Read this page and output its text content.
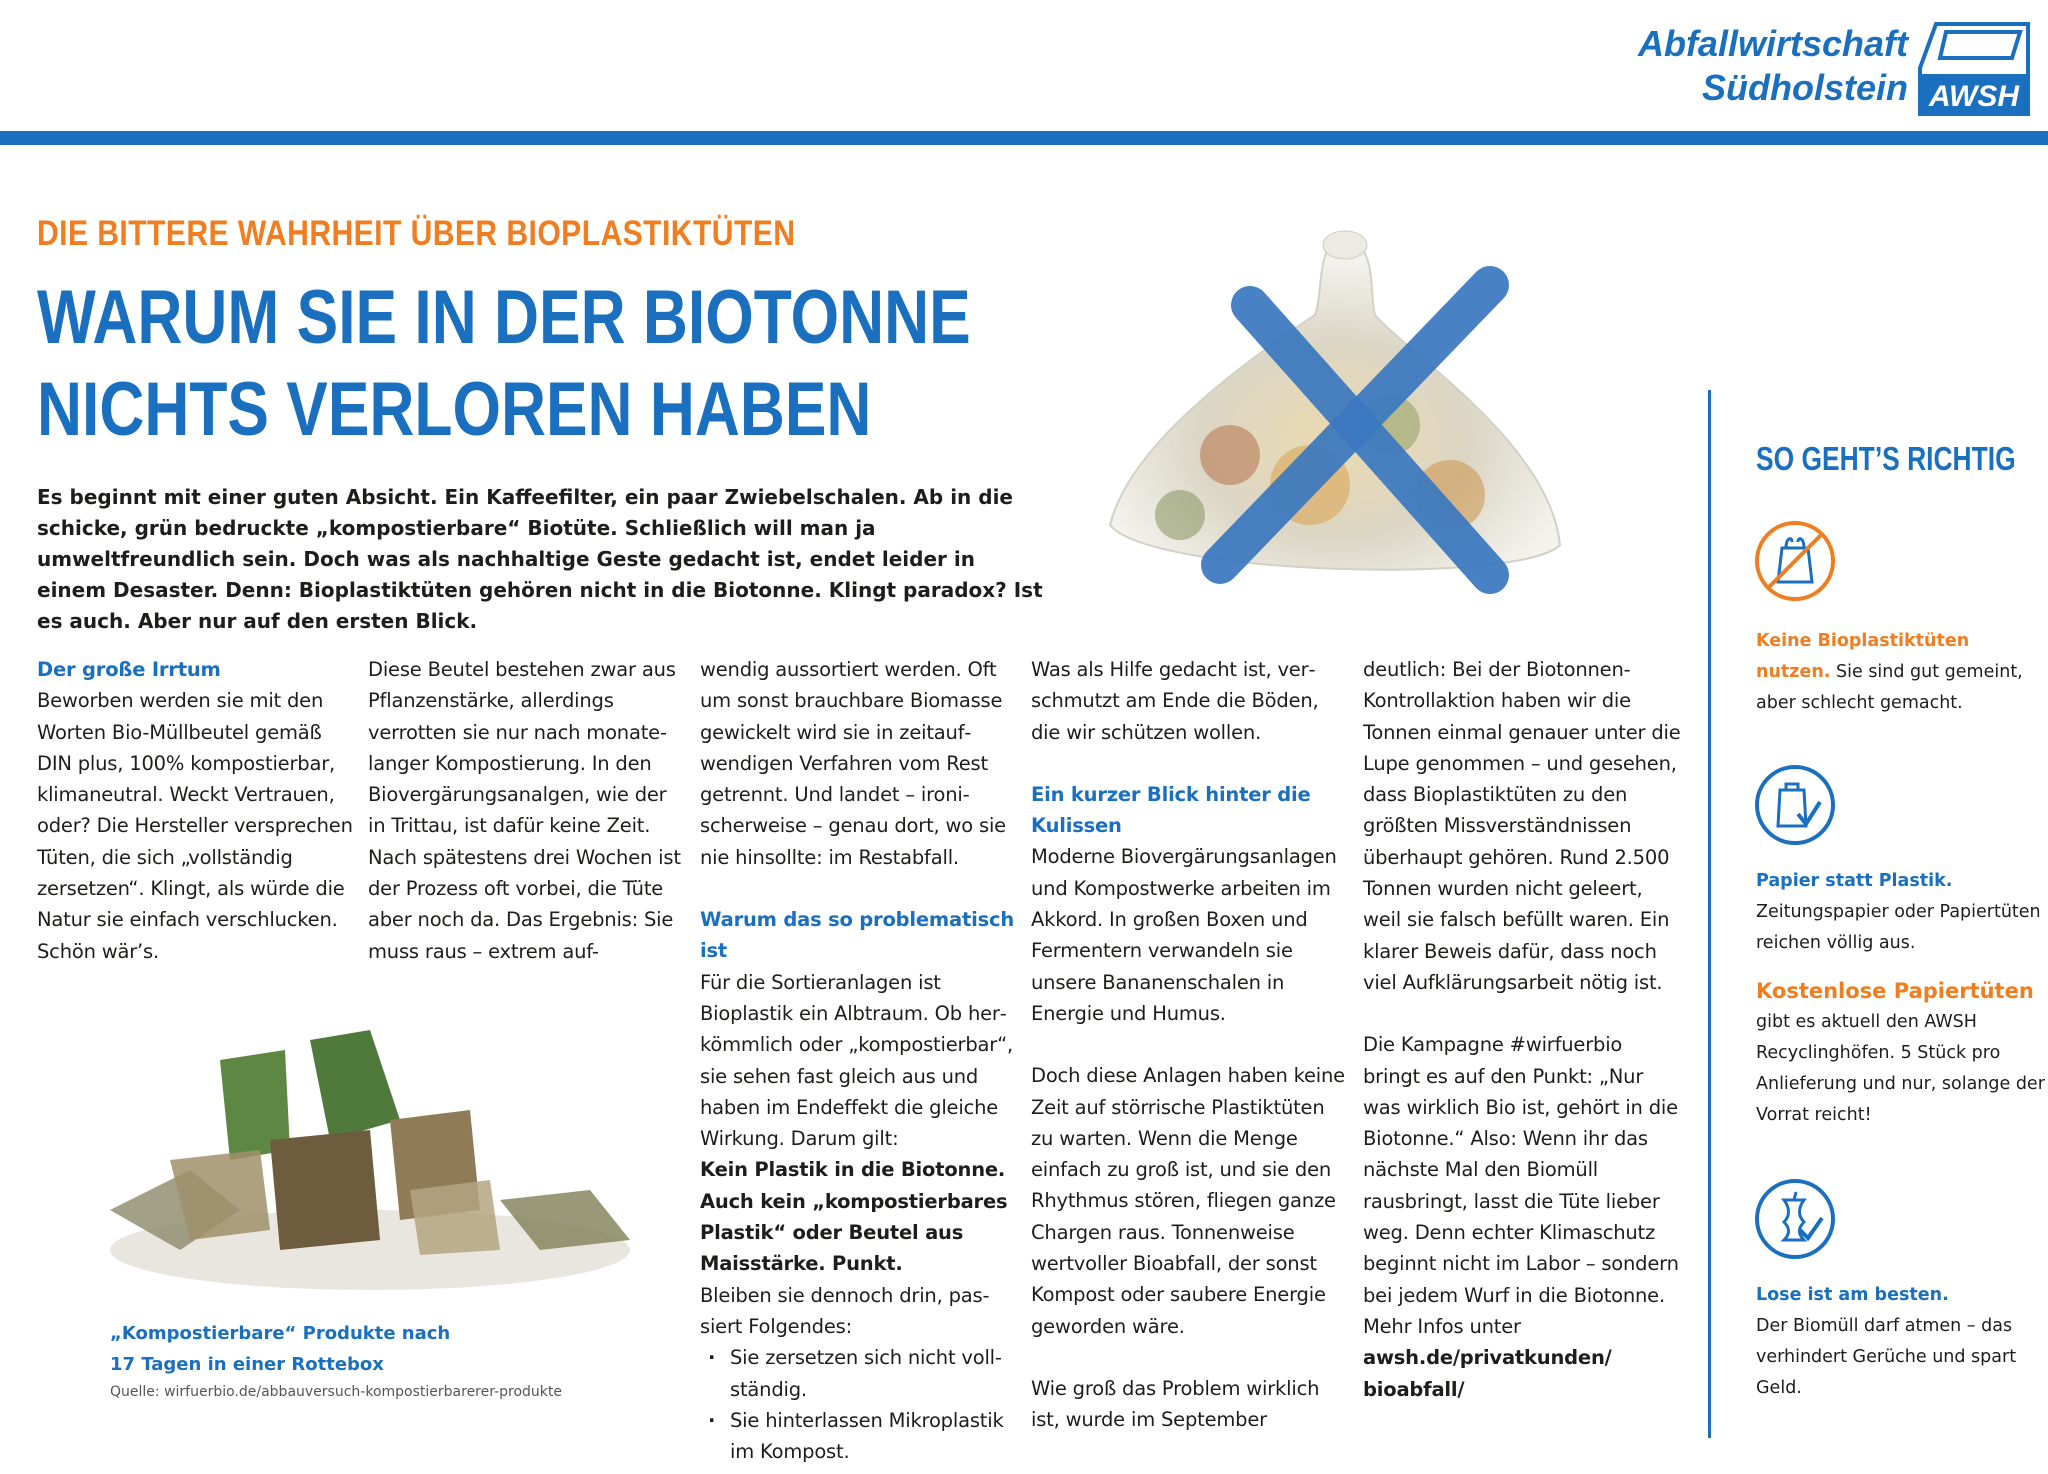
Abfallwirtschaft
Südholstein AWSH
DIE BITTERE WAHRHEIT ÜBER BIOPLASTIKTÜTEN
WARUM SIE IN DER BIOTONNE
NICHTS VERLOREN HABEN
Es beginnt mit einer guten Absicht. Ein Kaffeefilter, ein paar Zwiebelschalen. Ab in die schicke, grün bedruckte „kompostierbare“ Biotüte. Schließlich will man ja umweltfreundlich sein. Doch was als nachhaltige Geste gedacht ist, endet leider in einem Desaster. Denn: Bioplastiktüten gehören nicht in die Biotonne. Klingt paradox? Ist es auch. Aber nur auf den ersten Blick.

Der große Irrtum

Beworben werden sie mit den Worten Bio-Müllbeutel gemäß DIN plus, 100% kompostierbar, klimaneutral. Weckt Vertrauen, oder? Die Hersteller versprechen Tüten, die sich „vollständig zersetzen“. Klingt, als würde die Natur sie einfach verschlucken. Schön wär’s.

Diese Beutel bestehen zwar aus Pflanzenstärke, allerdings verrotten sie nur nach monatelanger Kompostierung. In den Biovergärungsanalgen, wie der in Trittau, ist dafür keine Zeit. Nach spätestens drei Wochen ist der Prozess oft vorbei, die Tüte aber noch da. Das Ergebnis: Sie muss raus – extrem auf-

wendig aussortiert werden. Oft um sonst brauchbare Biomasse gewickelt wird sie in zeitaufwendigen Verfahren vom Rest getrennt. Und landet – ironischerweise – genau dort, wo sie nie hinsollte: im Restabfall.

Warum das so problematisch ist

Für die Sortieranlagen ist Bioplastik ein Albtraum. Ob herkömmlich oder „kompostierbar“, sie sehen fast gleich aus und haben im Endeffekt die gleiche Wirkung. Darum gilt:

Kein Plastik in die Biotonne. Auch kein „kompostierbares Plastik“ oder Beutel aus Maisstärke. Punkt.

Bleiben sie dennoch drin, passiert Folgendes:

· Sie zersetzen sich nicht vollständig.
· Sie hinterlassen Mikroplastik im Kompost.

Was als Hilfe gedacht ist, verschmutzt am Ende die Böden, die wir schützen wollen.

Ein kurzer Blick hinter die Kulissen

Moderne Biovergärungsanlagen und Kompostwerke arbeiten im Akkord. In großen Boxen und Fermentern verwandeln sie unsere Bananenschalen in Energie und Humus.

Doch diese Anlagen haben keine Zeit auf störrische Plastiktüten zu warten. Wenn die Menge einfach zu groß ist, und sie den Rhythmus stören, fliegen ganze Chargen raus. Tonnenweise wertvoller Bioabfall, der sonst Kompost oder saubere Energie geworden wäre.

Wie groß das Problem wirklich ist, wurde im September

deutlich: Bei der Biotonnen-Kontrollaktion haben wir die Tonnen einmal genauer unter die Lupe genommen – und gesehen, dass Bioplastiktüten zu den größten Missverständnissen überhaupt gehören. Rund 2.500 Tonnen wurden nicht geleert, weil sie falsch befüllt waren. Ein klarer Beweis dafür, dass noch viel Aufklärungsarbeit nötig ist.

Die Kampagne #wirfuerbio bringt es auf den Punkt: „Nur was wirklich Bio ist, gehört in die Biotonne.“ Also: Wenn ihr das nächste Mal den Biomüll rausbringt, lasst die Tüte lieber weg. Denn echter Klimaschutz beginnt nicht im Labor – sondern bei jedem Wurf in die Biotonne. Mehr Infos unter

awsh.de/privatkunden/ bioabfall/

„Kompostierbare“ Produkte nach
17 Tagen in einer Rottebox
Quelle: wirfuerbio.de/abbauversuch-kompostierbarerer-produkte
SO GEHT’S RICHTIG
Keine Bioplastiktüten nutzen. Sie sind gut gemeint, aber schlecht gemacht.
Papier statt Plastik.
Zeitungspapier oder Papiertüten reichen völlig aus.
Kostenlose Papiertüten
gibt es aktuell den AWSH Recyclinghöfen. 5 Stück pro Anlieferung und nur, solange der Vorrat reicht!
Lose ist am besten.
Der Biomüll darf atmen – das verhindert Gerüche und spart Geld.
